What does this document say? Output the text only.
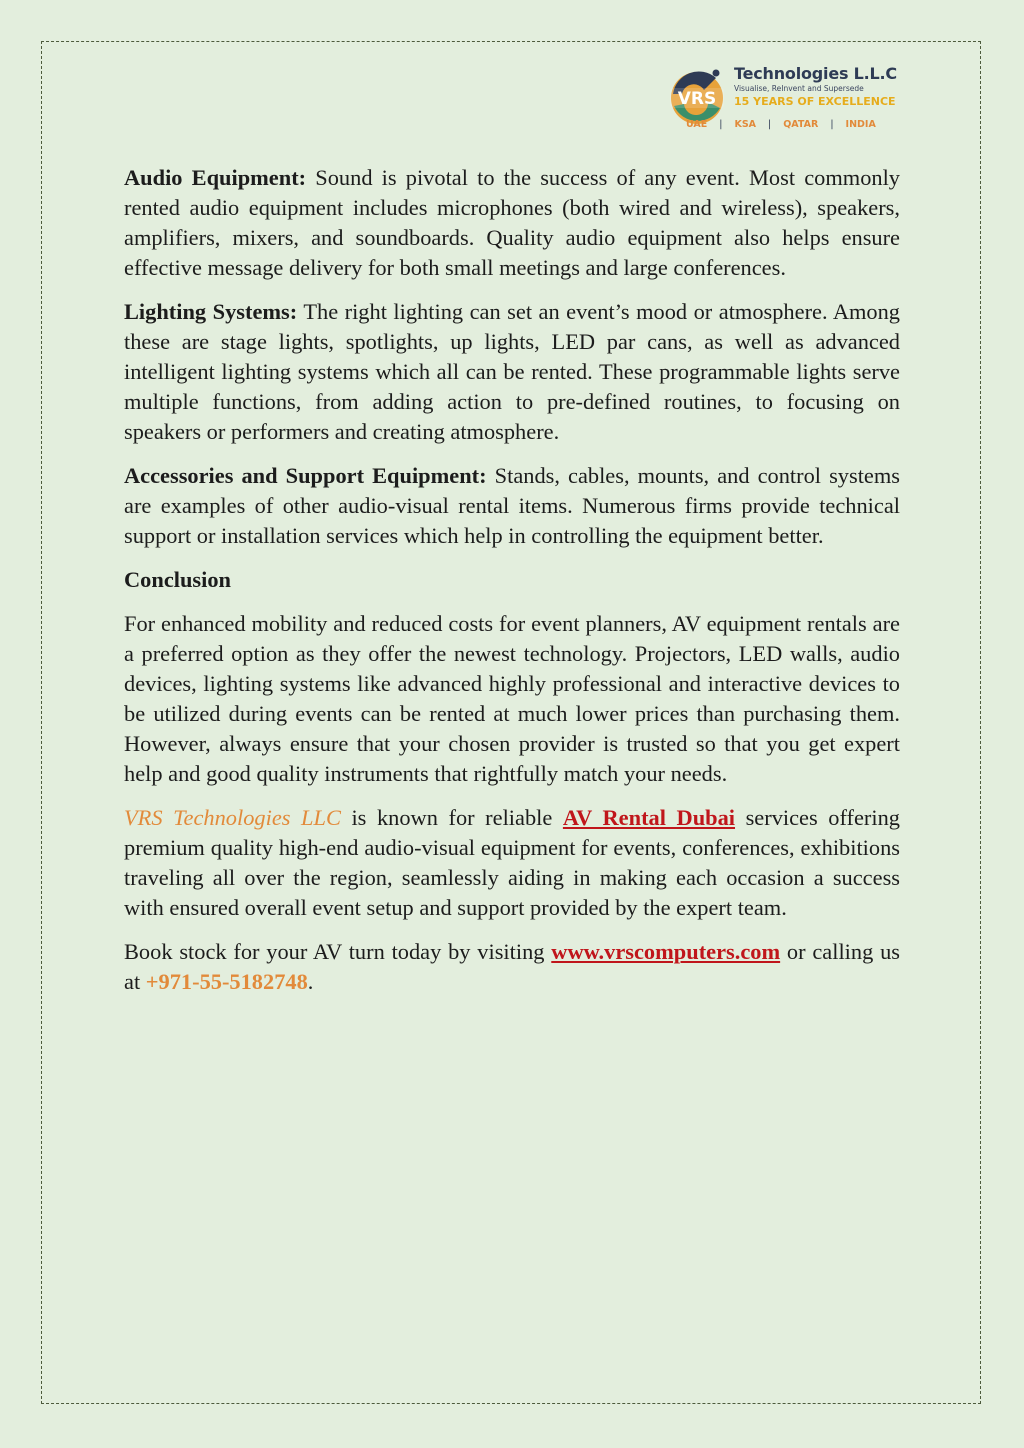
VRS
Technologies L.L.C
Visualise, ReInvent and Supersede
15 YEARS OF EXCELLENCE
UAE | KSA | QATAR | INDIA

Audio Equipment: Sound is pivotal to the success of any event. Most commonly rented audio equipment includes microphones (both wired and wireless), speakers, amplifiers, mixers, and soundboards. Quality audio equipment also helps ensure effective message delivery for both small meetings and large conferences.

Lighting Systems: The right lighting can set an event’s mood or atmosphere. Among these are stage lights, spotlights, up lights, LED par cans, as well as advanced intelligent lighting systems which all can be rented. These programmable lights serve multiple functions, from adding action to pre-defined routines, to focusing on speakers or performers and creating atmosphere.

Accessories and Support Equipment: Stands, cables, mounts, and control systems are examples of other audio-visual rental items. Numerous firms provide technical support or installation services which help in controlling the equipment better.

Conclusion

For enhanced mobility and reduced costs for event planners, AV equipment rentals are a preferred option as they offer the newest technology. Projectors, LED walls, audio devices, lighting systems like advanced highly professional and interactive devices to be utilized during events can be rented at much lower prices than purchasing them. However, always ensure that your chosen provider is trusted so that you get expert help and good quality instruments that rightfully match your needs.

VRS Technologies LLC is known for reliable AV Rental Dubai services offering premium quality high-end audio-visual equipment for events, conferences, exhibitions traveling all over the region, seamlessly aiding in making each occasion a success with ensured overall event setup and support provided by the expert team.

Book stock for your AV turn today by visiting www.vrscomputers.com or calling us at +971-55-5182748.
